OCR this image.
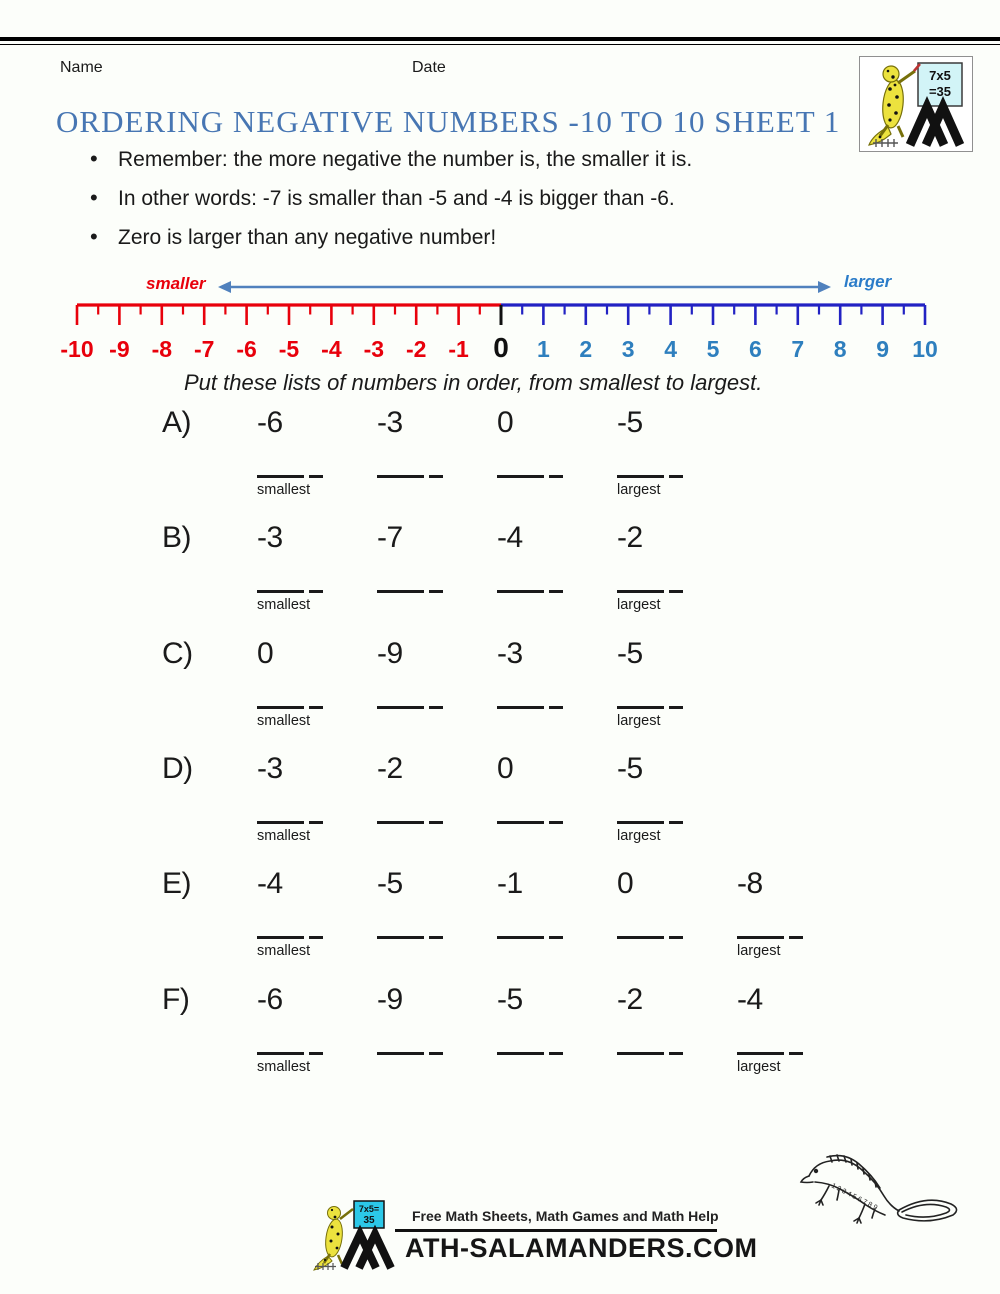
Name	Date	7x5
=35
ORDERING NEGATIVE NUMBERS -10 TO 10 SHEET 1
• Remember: the more negative the number is, the smaller it is.
• In other words: -7 is smaller than -5 and -4 is bigger than -6.
• Zero is larger than any negative number!
smaller	larger
-10 -9 -8 -7 -6 -5 -4 -3 -2 -1 0 1 2 3 4 5 6 7 8 9 10
Put these lists of numbers in order, from smallest to largest.
A) -6	-3	0	-5
smallest	largest
B) -3	-7	-4	-2
smallest	largest
C) 0	-9	-3	-5
smallest	largest
D) -3	-2	0	-5
smallest	largest
E) -4	-5	-1	0	-8
smallest	largest
F) -6	-9	-5	-2	-4
smallest	largest
1 2 3 4 5 6 7 8 9
7x5=
35	Free Math Sheets, Math Games and Math Help
ATH-SALAMANDERS.COM
